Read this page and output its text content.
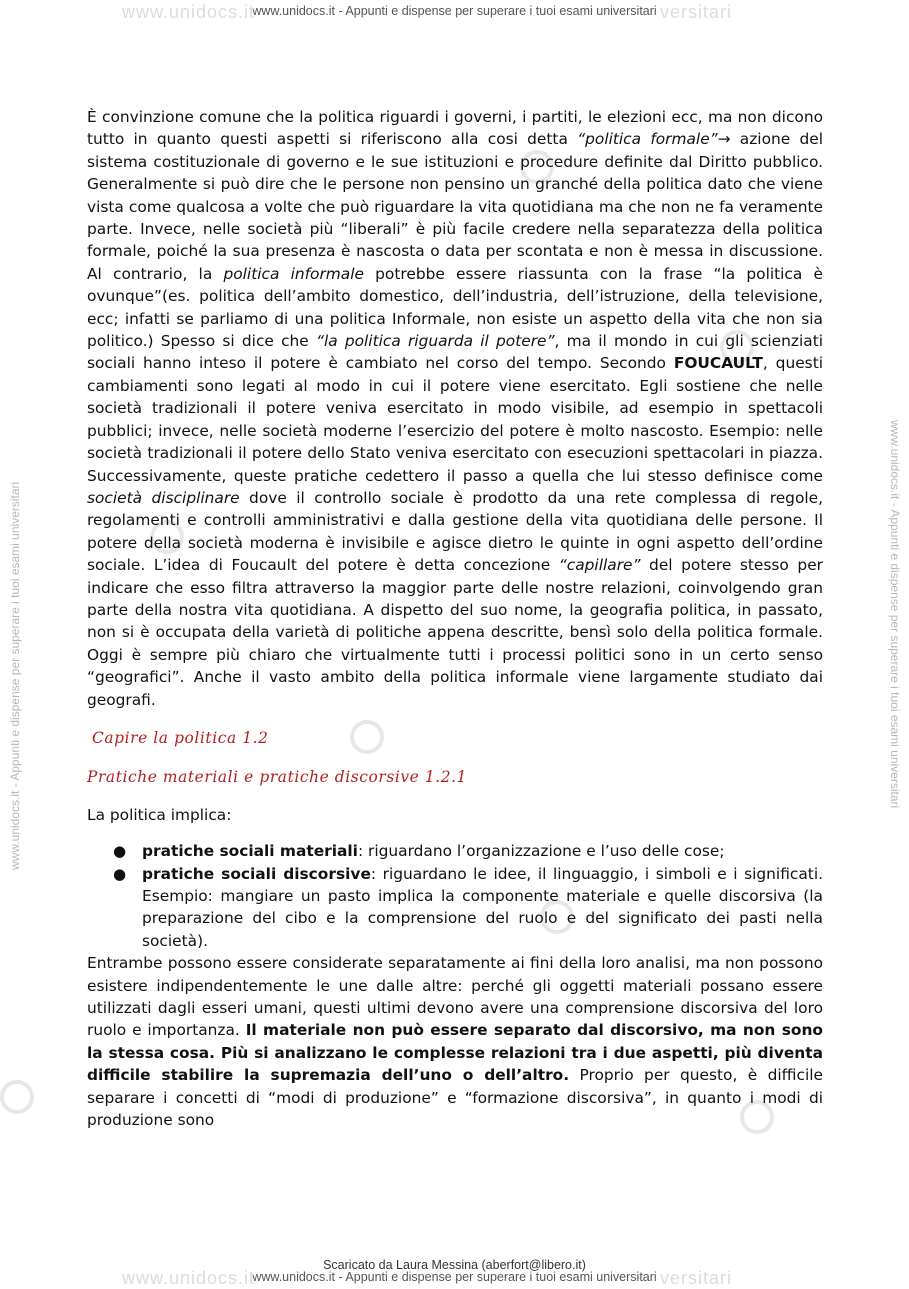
www.unidocs.it
www.unidocs.it - Appunti e dispense per superare i tuoi esami universitari versitari
www.unidocs.it - Appunti e dispense per superare i tuoi esami universitari	www.unidocs.it - Appunti e dispense per superare i tuoi esami universitari

È convinzione comune che la politica riguardi i governi, i partiti, le elezioni ecc, ma non dicono tutto in quanto questi aspetti si riferiscono alla cosi detta “politica formale”→ azione del sistema costituzionale di governo e le sue istituzioni e procedure definite dal Diritto pubblico. Generalmente si può dire che le persone non pensino un granché della politica dato che viene vista come qualcosa a volte che può riguardare la vita quotidiana ma che non ne fa veramente parte. Invece, nelle società più “liberali” è più facile credere nella separatezza della politica formale, poiché la sua presenza è nascosta o data per scontata e non è messa in discussione. Al contrario, la politica informale potrebbe essere riassunta con la frase “la politica è ovunque”(es. politica dell’ambito domestico, dell’industria, dell’istruzione, della televisione, ecc; infatti se parliamo di una politica Informale, non esiste un aspetto della vita che non sia politico.) Spesso si dice che “la politica riguarda il potere”, ma il mondo in cui gli scienziati sociali hanno inteso il potere è cambiato nel corso del tempo. Secondo FOUCAULT, questi cambiamenti sono legati al modo in cui il potere viene esercitato. Egli sostiene che nelle società tradizionali il potere veniva esercitato in modo visibile, ad esempio in spettacoli pubblici; invece, nelle società moderne l’esercizio del potere è molto nascosto. Esempio: nelle società tradizionali il potere dello Stato veniva esercitato con esecuzioni spettacolari in piazza. Successivamente, queste pratiche cedettero il passo a quella che lui stesso definisce come società disciplinare dove il controllo sociale è prodotto da una rete complessa di regole, regolamenti e controlli amministrativi e dalla gestione della vita quotidiana delle persone. Il potere della società moderna è invisibile e agisce dietro le quinte in ogni aspetto dell’ordine sociale. L’idea di Foucault del potere è detta concezione “capillare” del potere stesso per indicare che esso filtra attraverso la maggior parte delle nostre relazioni, coinvolgendo gran parte della nostra vita quotidiana. A dispetto del suo nome, la geografia politica, in passato, non si è occupata della varietà di politiche appena descritte, bensì solo della politica formale. Oggi è sempre più chiaro che virtualmente tutti i processi politici sono in un certo senso “geografici”. Anche il vasto ambito della politica informale viene largamente studiato dai geografi.

Capire la politica 1.2
Pratiche materiali e pratiche discorsive 1.2.1

La politica implica:

● pratiche sociali materiali: riguardano l’organizzazione e l’uso delle cose;
● pratiche sociali discorsive: riguardano le idee, il linguaggio, i simboli e i significati. Esempio: mangiare un pasto implica la componente materiale e quelle discorsiva (la preparazione del cibo e la comprensione del ruolo e del significato dei pasti nella società).

Entrambe possono essere considerate separatamente ai fini della loro analisi, ma non possono esistere indipendentemente le une dalle altre: perché gli oggetti materiali possano essere utilizzati dagli esseri umani, questi ultimi devono avere una comprensione discorsiva del loro ruolo e importanza. Il materiale non può essere separato dal discorsivo, ma non sono la stessa cosa. Più si analizzano le complesse relazioni tra i due aspetti, più diventa difficile stabilire la supremazia dell’uno o dell’altro. Proprio per questo, è difficile separare i concetti di “modi di produzione” e “formazione discorsiva”, in quanto i modi di produzione sono

Scaricato da Laura Messina (aberfort@libero.it)
www.unidocs.it
www.unidocs.it - Appunti e dispense per superare i tuoi esami universitari versitari
